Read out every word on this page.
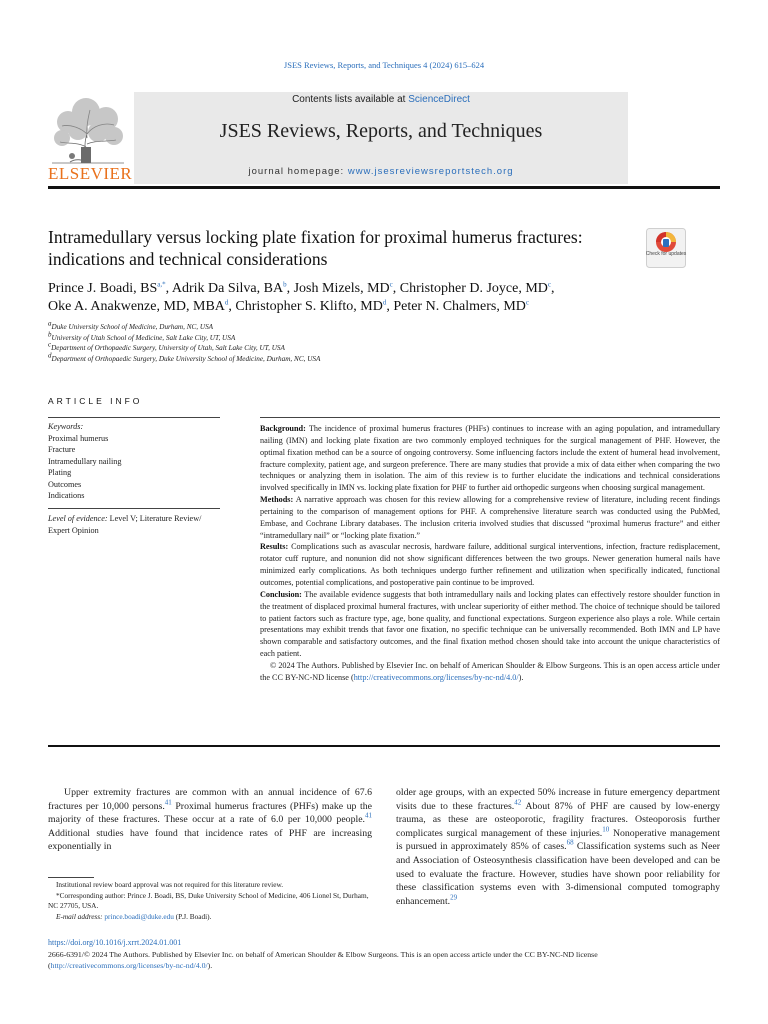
JSES Reviews, Reports, and Techniques 4 (2024) 615–624
ELSEVIER
Contents lists available at ScienceDirect
JSES Reviews, Reports, and Techniques
journal homepage: www.jsesreviewsreportstech.org
Intramedullary versus locking plate fixation for proximal humerus fractures: indications and technical considerations	Check for updates
Prince J. Boadi, $BS^{a,*}$, Adrik Da Silva, $BA^b$, Josh Mizels, $MD^c$, Christopher D. Joyce, $MD^c$,
Oke A. Anakwenze, MD, MBA$^d$, Christopher S. Klifto, $MD^d$, Peter N. Chalmers, $MD^c$
$^a$Duke University School of Medicine, Durham, NC, USA
$^b$University of Utah School of Medicine, Salt Lake City, UT, USA
$^c$Department of Orthopaedic Surgery, University of Utah, Salt Lake City, UT, USA
$^d$Department of Orthopaedic Surgery, Duke University School of Medicine, Durham, NC, USA
ARTICLE INFO
Keywords:
Proximal humerus
Fracture
Intramedullary nailing
Plating
Outcomes
Indications
Level of evidence: Level V; Literature Review/ Expert Opinion

Background: The incidence of proximal humerus fractures (PHFs) continues to increase with an aging population, and intramedullary nailing (IMN) and locking plate fixation are two commonly employed techniques for the surgical management of PHF. However, the optimal fixation method can be a source of ongoing controversy. Some influencing factors include the extent of humeral head involvement, fracture complexity, patient age, and surgeon preference. There are many studies that provide a mix of data either when comparing the two techniques or analyzing them in isolation. The aim of this review is to further elucidate the indications and technical considerations involved specifically in IMN vs. locking plate fixation for PHF to further aid orthopedic surgeons when choosing surgical management.

Methods: A narrative approach was chosen for this review allowing for a comprehensive review of literature, including recent findings pertaining to the comparison of management options for PHF. A comprehensive literature search was conducted using the PubMed, Embase, and Cochrane Library databases. The inclusion criteria involved studies that discussed “proximal humerus fracture” and either “intramedullary nail” or “locking plate fixation.”

Results: Complications such as avascular necrosis, hardware failure, additional surgical interventions, infection, fracture redisplacement, rotator cuff rupture, and nonunion did not show significant differences between the two groups. Newer generation humeral nails have minimized early complications. As both techniques undergo further refinement and utilization when specifically indicated, functional outcomes, potential complications, and postoperative pain continue to be improved.

Conclusion: The available evidence suggests that both intramedullary nails and locking plates can effectively restore shoulder function in the treatment of displaced proximal humeral fractures, with unclear superiority of either method. The choice of technique should be tailored to patient factors such as fracture type, age, bone quality, and functional expectations. Surgeon experience also plays a role. While certain presentations may exhibit trends that favor one fixation, no specific technique can be universally recommended. Both IMN and LP have shown comparable and satisfactory outcomes, and the final fixation method chosen should take into account the unique characteristics of each patient.

© 2024 The Authors. Published by Elsevier Inc. on behalf of American Shoulder & Elbow Surgeons. This is an open access article under the CC BY-NC-ND license (http://creativecommons.org/licenses/by-nc-nd/4.0/).

Upper extremity fractures are common with an annual incidence of 67.6 fractures per 10,000 persons.$^{41}$ Proximal humerus fractures (PHFs) make up the majority of these fractures. These occur at a rate of 6.0 per 10,000 people.$^{41}$ Additional studies have found that incidence rates of PHF are increasing exponentially in
older age groups, with an expected 50% increase in future emergency department visits due to these fractures.$^{42}$ About 87% of PHF are caused by low-energy trauma, as these are osteoporotic, fragility fractures. Osteoporosis further complicates surgical management of these injuries.$^{10}$ Nonoperative management is pursued in approximately 85% of cases.$^{68}$ Classification systems such as Neer and Association of Osteosynthesis classification have been developed and can be used to evaluate the fracture. However, studies have shown poor reliability for these classification systems even with 3-dimensional computed tomography enhancement.$^{29}$
Institutional review board approval was not required for this literature review.
*Corresponding author: Prince J. Boadi, BS, Duke University School of Medicine, 406 Lionel St, Durham, NC 27705, USA.
E-mail address: prince.boadi@duke.edu (P.J. Boadi).
https://doi.org/10.1016/j.xrrt.2024.01.001
2666-6391/© 2024 The Authors. Published by Elsevier Inc. on behalf of American Shoulder & Elbow Surgeons. This is an open access article under the CC BY-NC-ND license (http://creativecommons.org/licenses/by-nc-nd/4.0/).
